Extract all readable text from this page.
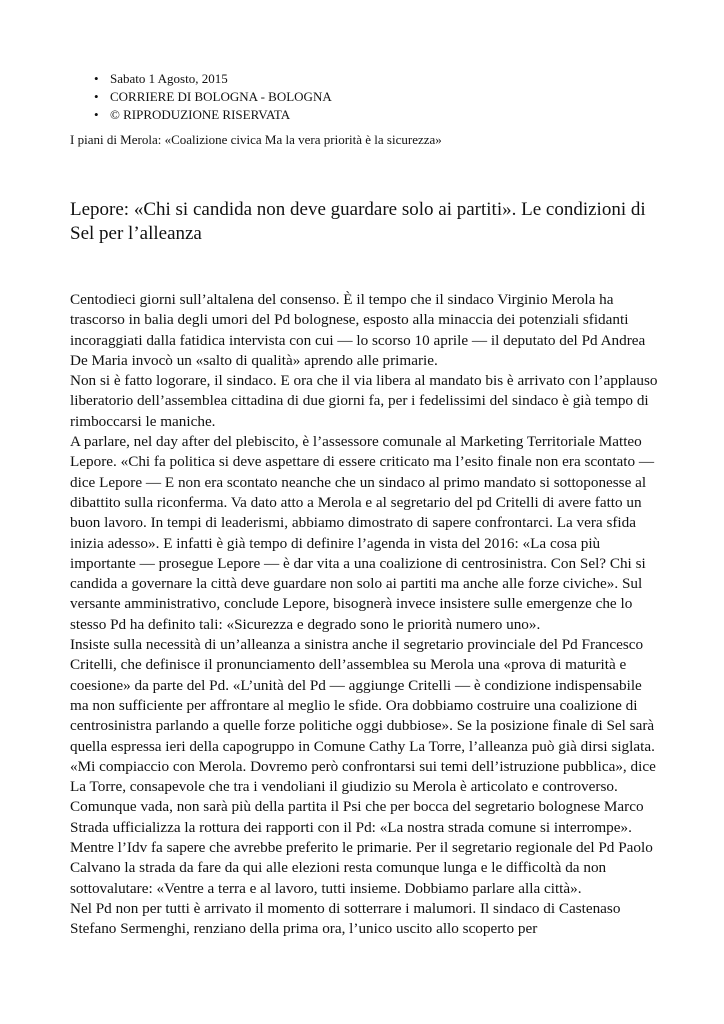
• Sabato 1 Agosto, 2015
• CORRIERE DI BOLOGNA - BOLOGNA
• © RIPRODUZIONE RISERVATA
I piani di Merola: «Coalizione civica Ma la vera priorità è la sicurezza»
Lepore: «Chi si candida non deve guardare solo ai partiti». Le condizioni di Sel per l’alleanza

Centodieci giorni sull’altalena del consenso. È il tempo che il sindaco Virginio Merola ha trascorso in balia degli umori del Pd bolognese, esposto alla minaccia dei potenziali sfidanti incoraggiati dalla fatidica intervista con cui — lo scorso 10 aprile — il deputato del Pd Andrea De Maria invocò un «salto di qualità» aprendo alle primarie.

Non si è fatto logorare, il sindaco. E ora che il via libera al mandato bis è arrivato con l’applauso liberatorio dell’assemblea cittadina di due giorni fa, per i fedelissimi del sindaco è già tempo di rimboccarsi le maniche.

A parlare, nel day after del plebiscito, è l’assessore comunale al Marketing Territoriale Matteo Lepore. «Chi fa politica si deve aspettare di essere criticato ma l’esito finale non era scontato — dice Lepore — E non era scontato neanche che un sindaco al primo mandato si sottoponesse al dibattito sulla riconferma. Va dato atto a Merola e al segretario del pd Critelli di avere fatto un buon lavoro. In tempi di leaderismi, abbiamo dimostrato di sapere confrontarci. La vera sfida inizia adesso». E infatti è già tempo di definire l’agenda in vista del 2016: «La cosa più importante — prosegue Lepore — è dar vita a una coalizione di centrosinistra. Con Sel? Chi si candida a governare la città deve guardare non solo ai partiti ma anche alle forze civiche». Sul versante amministrativo, conclude Lepore, bisognerà invece insistere sulle emergenze che lo stesso Pd ha definito tali: «Sicurezza e degrado sono le priorità numero uno».

Insiste sulla necessità di un’alleanza a sinistra anche il segretario provinciale del Pd Francesco Critelli, che definisce il pronunciamento dell’assemblea su Merola una «prova di maturità e coesione» da parte del Pd. «L’unità del Pd — aggiunge Critelli — è condizione indispensabile ma non sufficiente per affrontare al meglio le sfide. Ora dobbiamo costruire una coalizione di centrosinistra parlando a quelle forze politiche oggi dubbiose». Se la posizione finale di Sel sarà quella espressa ieri della capogruppo in Comune Cathy La Torre, l’alleanza può già dirsi siglata. «Mi compiaccio con Merola. Dovremo però confrontarsi sui temi dell’istruzione pubblica», dice La Torre, consapevole che tra i vendoliani il giudizio su Merola è articolato e controverso.

Comunque vada, non sarà più della partita il Psi che per bocca del segretario bolognese Marco Strada ufficializza la rottura dei rapporti con il Pd: «La nostra strada comune si interrompe». Mentre l’Idv fa sapere che avrebbe preferito le primarie. Per il segretario regionale del Pd Paolo Calvano la strada da fare da qui alle elezioni resta comunque lunga e le difficoltà da non sottovalutare: «Ventre a terra e al lavoro, tutti insieme. Dobbiamo parlare alla città».

Nel Pd non per tutti è arrivato il momento di sotterrare i malumori. Il sindaco di Castenaso Stefano Sermenghi, renziano della prima ora, l’unico uscito allo scoperto per
